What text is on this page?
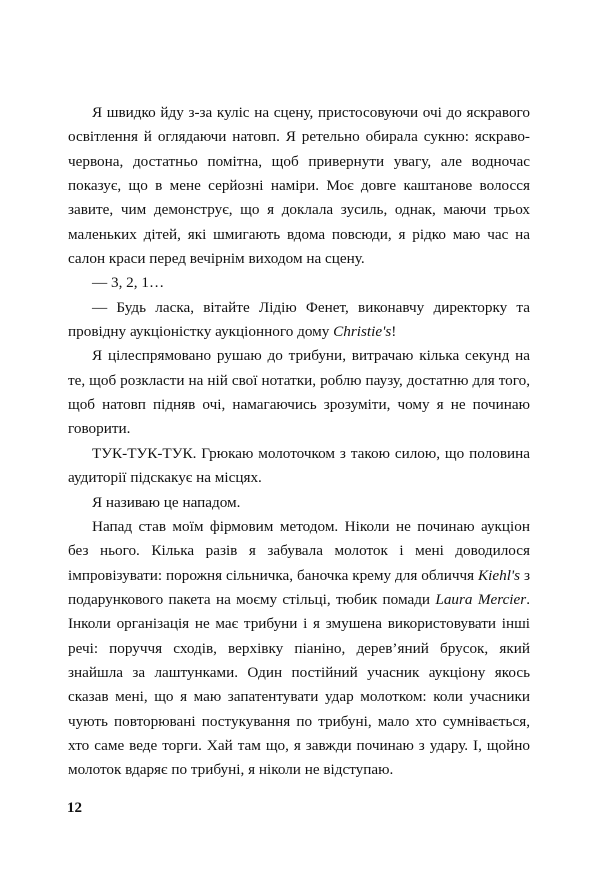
Я швидко йду з-за куліс на сцену, пристосовуючи очі до яскравого освітлення й оглядаючи натовп. Я ретельно обирала сукню: яскраво-червона, достатньо помітна, щоб привернути увагу, але водночас показує, що в мене серйозні наміри. Моє довге каштанове волосся завите, чим демонструє, що я доклала зусиль, однак, маючи трьох маленьких дітей, які шмигають вдома повсюди, я рідко маю час на салон краси перед вечірнім виходом на сцену.

— 3, 2, 1…

— Будь ласка, вітайте Лідію Фенет, виконавчу директорку та провідну аукціоністку аукціонного дому Christie's!

Я цілеспрямовано рушаю до трибуни, витрачаю кілька секунд на те, щоб розкласти на ній свої нотатки, роблю паузу, достатню для того, щоб натовп підняв очі, намагаючись зрозуміти, чому я не починаю говорити.

ТУК-ТУК-ТУК. Грюкаю молоточком з такою силою, що половина аудиторії підскакує на місцях.

Я називаю це нападом.

Напад став моїм фірмовим методом. Ніколи не починаю аукціон без нього. Кілька разів я забувала молоток і мені доводилося імпровізувати: порожня сільничка, баночка крему для обличчя Kiehl's з подарункового пакета на моєму стільці, тюбик помади Laura Mercier. Інколи організація не має трибуни і я змушена використовувати інші речі: поруччя сходів, верхівку піаніно, дерев’яний брусок, який знайшла за лаштунками. Один постійний учасник аукціону якось сказав мені, що я маю запатентувати удар молотком: коли учасники чують повторювані постукування по трибуні, мало хто сумнівається, хто саме веде торги. Хай там що, я завжди починаю з удару. І, щойно молоток вдаряє по трибуні, я ніколи не відступаю.

12
